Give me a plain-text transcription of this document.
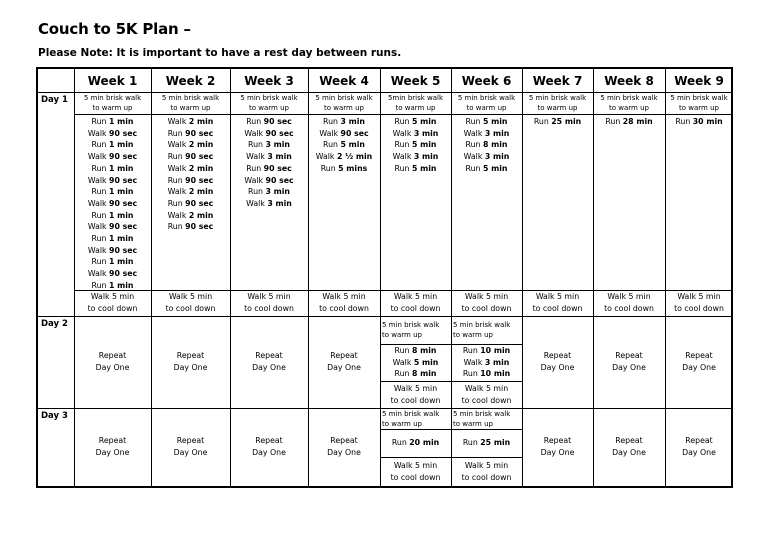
Couch to 5K Plan –
Please Note: It is important to have a rest day between runs.
Week 1 Week 2 Week 3 Week 4 Week 5 Week 6 Week 7 Week 8 Week 9
Day 1
Day 2
Day 3
5 min brisk walk
to warm up
Run 1 min
Walk 90 sec
Run 1 min
Walk 90 sec
Run 1 min
Walk 90 sec
Run 1 min
Walk 90 sec
Run 1 min
Walk 90 sec
Run 1 min
Walk 90 sec
Run 1 min
Walk 90 sec
Run 1 min
Walk 5 min
to cool down
5 min brisk walk
to warm up
Walk 2 min
Run 90 sec
Walk 2 min
Run 90 sec
Walk 2 min
Run 90 sec
Walk 2 min
Run 90 sec
Walk 2 min
Run 90 sec
Walk 5 min
to cool down
5 min brisk walk
to warm up
Run 90 sec
Walk 90 sec
Run 3 min
Walk 3 min
Run 90 sec
Walk 90 sec
Run 3 min
Walk 3 min
Walk 5 min
to cool down
5 min brisk walk
to warm up
Run 3 min
Walk 90 sec
Run 5 min
Walk 2 ½ min
Run 5 mins
Walk 5 min
to cool down
5min brisk walk
to warm up
Run 5 min
Walk 3 min
Run 5 min
Walk 3 min
Run 5 min
Walk 5 min
to cool down
5 min brisk walk
to warm up
Run 5 min
Walk 3 min
Run 8 min
Walk 3 min
Run 5 min
Walk 5 min
to cool down
5 min brisk walk
to warm up
Run 25 min
Walk 5 min
to cool down
5 min brisk walk
to warm up
Run 28 min
Walk 5 min
to cool down
5 min brisk walk
to warm up
Run 30 min
Walk 5 min
to cool down
Repeat
Day One
Repeat
Day One
Repeat
Day One
Repeat
Day One
5 min brisk walk
to warm up
Run 8 min
Walk 5 min
Run 8 min
Walk 5 min
to cool down
5 min brisk walk
to warm up
Run 10 min
Walk 3 min
Run 10 min
Walk 5 min
to cool down
Repeat
Day One
Repeat
Day One
Repeat
Day One
Repeat
Day One
Repeat
Day One
Repeat
Day One
Repeat
Day One
5 min brisk walk
to warm up
Run 20 min
Walk 5 min
to cool down
5 min brisk walk
to warm up
Run 25 min
Walk 5 min
to cool down
Repeat
Day One
Repeat
Day One
Repeat
Day One
